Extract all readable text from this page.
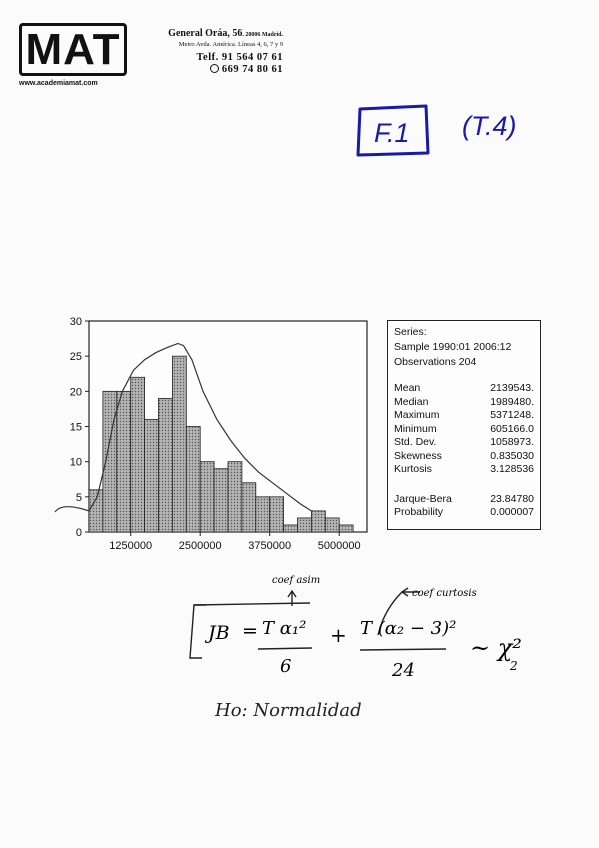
MAT
www.academiamat.com
General Oráa, 56. 28006 Madrid.
Metro Avda. América. Líneas 4, 6, 7 y 9
Telf. 91 564 07 61
669 74 80 61
F.1 (T.4)
0
5
10
15
20
25
30
1250000 2500000 3750000 5000000
Series:
Sample 1990:01 2006:12
Observations 204
Mean	2139543.
Median	1989480.
Maximum	5371248.
Minimum	605166.0
Std. Dev.	1058973.
Skewness	0.835030
Kurtosis	3.128536
Jarque-Bera	23.84780
Probability	0.000007
coef asim
coef curtosis
JB = T α₁²
6
+ T (α₂ − 3)²
24
~ χ²
2
Ho: Normalidad
